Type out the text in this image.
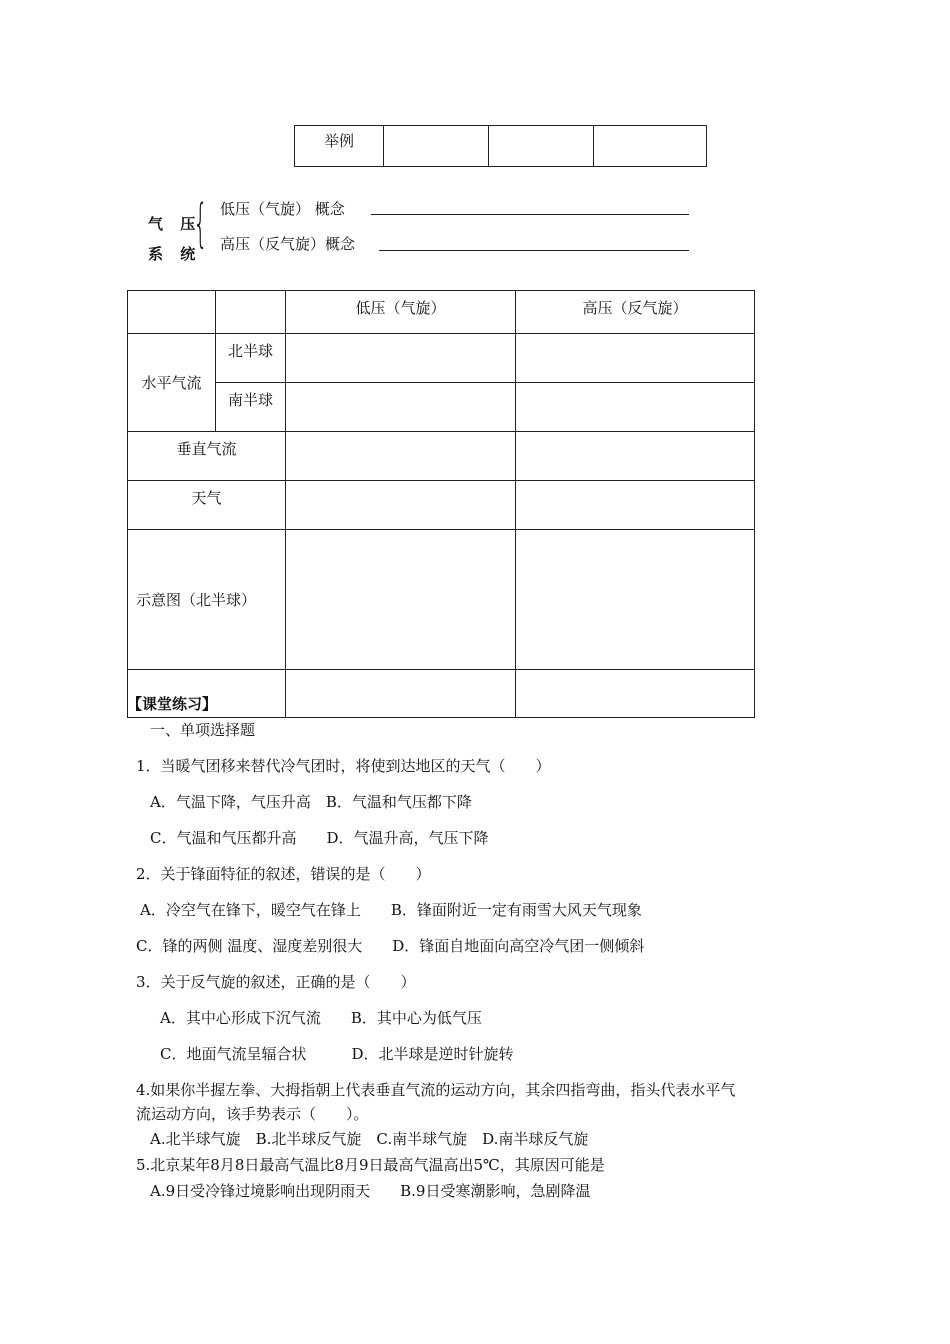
举例			
气 压
系 统
{ 低压（气旋） 概念
高压（反气旋）概念
		低压（气旋）	高压（反气旋）
水平气流	北半球		
	南半球		
垂直气流			
天气			
示意图（北半球）			

【课堂练习】
一、单项选择题
1．当暖气团移来替代冷气团时，将使到达地区的天气（　　）
A．气温下降，气压升高　B．气温和气压都下降
C．气温和气压都升高　　D．气温升高，气压下降
2．关于锋面特征的叙述，错误的是（　　）
A．冷空气在锋下，暖空气在锋上　　B．锋面附近一定有雨雪大风天气现象
C．锋的两侧 温度、湿度差别很大　　D．锋面自地面向高空冷气团一侧倾斜
3．关于反气旋的叙述，正确的是（　　）
A．其中心形成下沉气流　　B．其中心为低气压
C．地面气流呈辐合状　　　D．北半球是逆时针旋转
4.如果你半握左拳、大拇指朝上代表垂直气流的运动方向，其余四指弯曲，指头代表水平气
流运动方向，该手势表示（　　）。
A.北半球气旋　B.北半球反气旋　C.南半球气旋　D.南半球反气旋
5.北京某年8月8日最高气温比8月9日最高气温高出5℃，其原因可能是
A.9日受冷锋过境影响出现阴雨天　　B.9日受寒潮影响，急剧降温
